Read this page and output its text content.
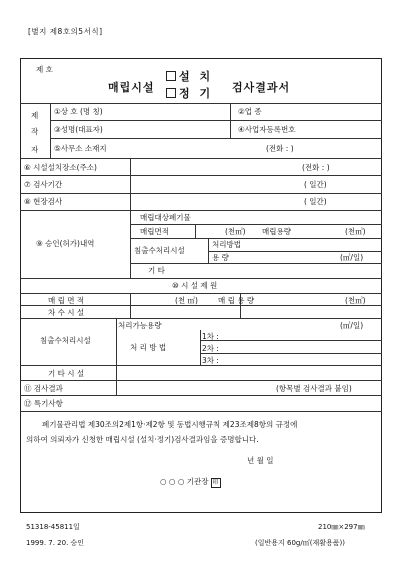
[별지 제8호의5서식]
제 호
매립시설
설 치
정 기 검사결과서
제
작
자
①상 호 (명 칭)	②업 종
③성명(대표자)	④사업자등록번호
⑤사무소 소재지	(전화 : )
⑥ 시설설치장소(주소)	(전화 : )
⑦ 검사기간	( 일간)
⑧ 현장검사	( 일간)
⑨ 승인(허가)내역
매립대상폐기물
매립면적	(천㎡) 매립용량	(천㎥)
침출수처리시설
처리방법
용 량	(㎥/일)
기 타
⑩ 시 설 제 원
매 립 면 적	(천 ㎡)	매 립 용 량	(천㎥)
차 수 시 설
침출수처리시설
처리가능용량	(㎥/일)
처 리 방 법
1차 :
2차 :
3차 :
기 타 시 설
⑪ 검사결과	(항목별 검사결과 붙임)
⑫ 특기사항
폐기물관리법 제30조의2제1항·제2항 및 동법시행규칙 제23조제8항의 규정에
의하여 의뢰자가 신청한 매립시설 (설치·정기)검사결과임을 증명합니다.
년 월 일
○ ○ ○ 기관장 印
51318-45811일
1999. 7. 20. 승인
210㎜×297㎜
(일반용지 60g/㎡(재활용품))
